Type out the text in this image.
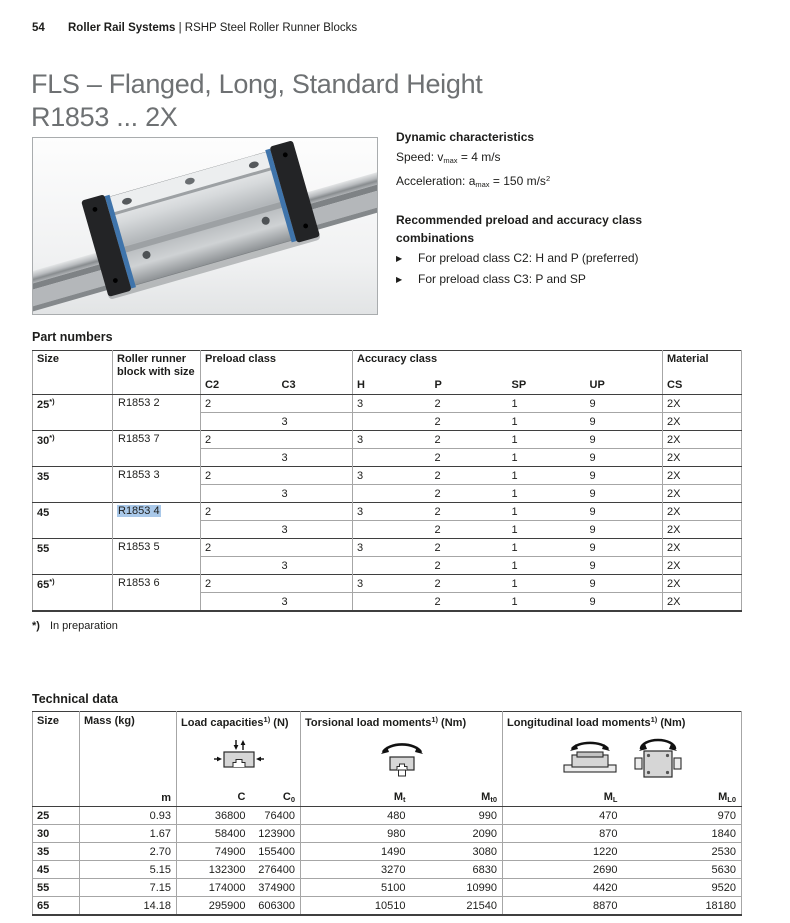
54 Roller Rail Systems | RSHP Steel Roller Runner Blocks
FLS – Flanged, Long, Standard Height
R1853 ... 2X
Dynamic characteristics
Speed: $v_{max} = 4$ m/s
Acceleration: $a_{max} = 150$ $m/s^2$
Recommended preload and accuracy class combinations
▶	For preload class C2: H and P (preferred)
▶	For preload class C3: P and SP
Part numbers
Size	Roller runner block with size	Preload class		Accuracy class				Material
		C2	C3	H	P	SP	UP	CS
25*)	R1853 2	2		3	2	1	9	2X
			3		2	1	9	2X
30*)	R1853 7	2		3	2	1	9	2X
			3		2	1	9	2X
35	R1853 3	2		3	2	1	9	2X
			3		2	1	9	2X
45	R1853 4	2		3	2	1	9	2X
			3		2	1	9	2X
55	R1853 5	2		3	2	1	9	2X
			3		2	1	9	2X
65*)	R1853 6	2		3	2	1	9	2X
			3		2	1	9	2X
*) In preparation
Technical data
Size	Mass (kg)	Load capacities$^{1)}$ (N)		Torsional load moments$^{1)}$ (Nm)		Longitudinal load moments$^{1)}$ (Nm)	

	m	C	$C_0$	$M_t$	$M_{t0}$	$M_L$	$M_{L0}$
25	0.93	36800	76400	480	990	470	970
30	1.67	58400	123900	980	2090	870	1840
35	2.70	74900	155400	1490	3080	1220	2530
45	5.15	132300	276400	3270	6830	2690	5630
55	7.15	174000	374900	5100	10990	4420	9520
65	14.18	295900	606300	10510	21540	8870	18180
